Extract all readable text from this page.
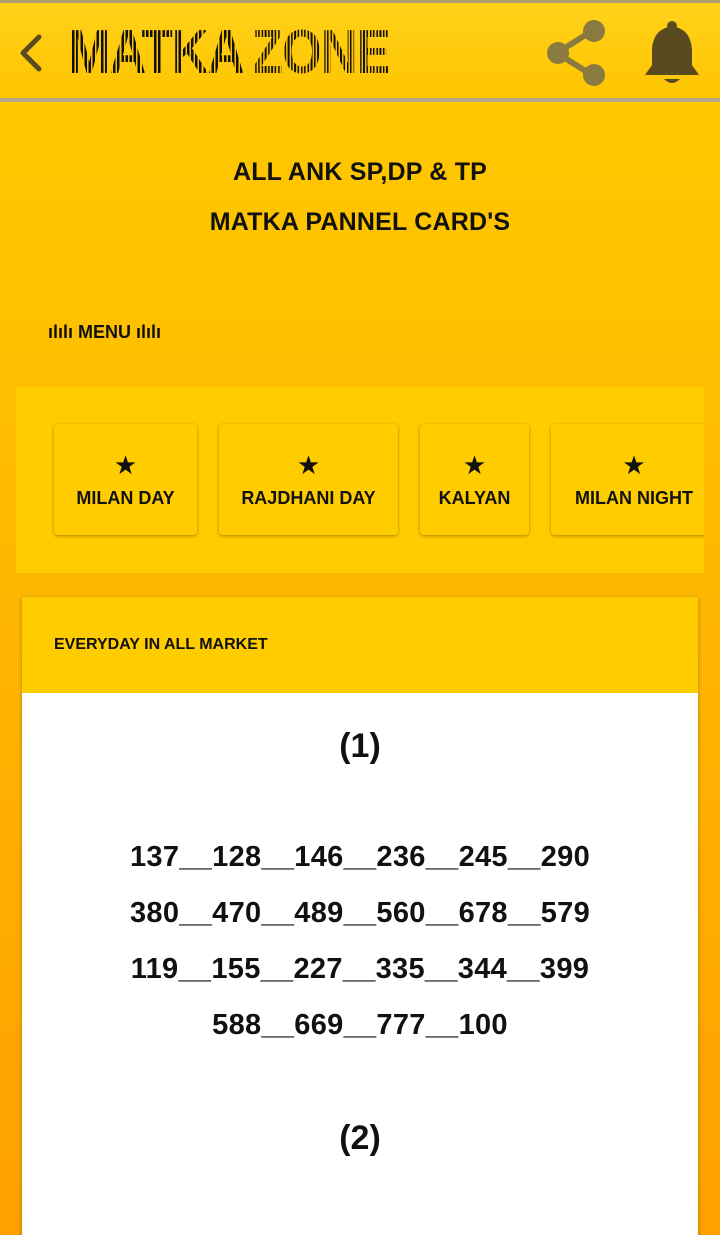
MATKA ZONE
ALL ANK SP,DP & TP
MATKA PANNEL CARD'S
ılılı MENU ılılı
★
MILAN DAY
★
RAJDHANI DAY
★
KALYAN
★
MILAN NIGHT
EVERYDAY IN ALL MARKET
(1)
137__128__146__236__245__290
380__470__489__560__678__579
119__155__227__335__344__399
588__669__777__100
(2)
